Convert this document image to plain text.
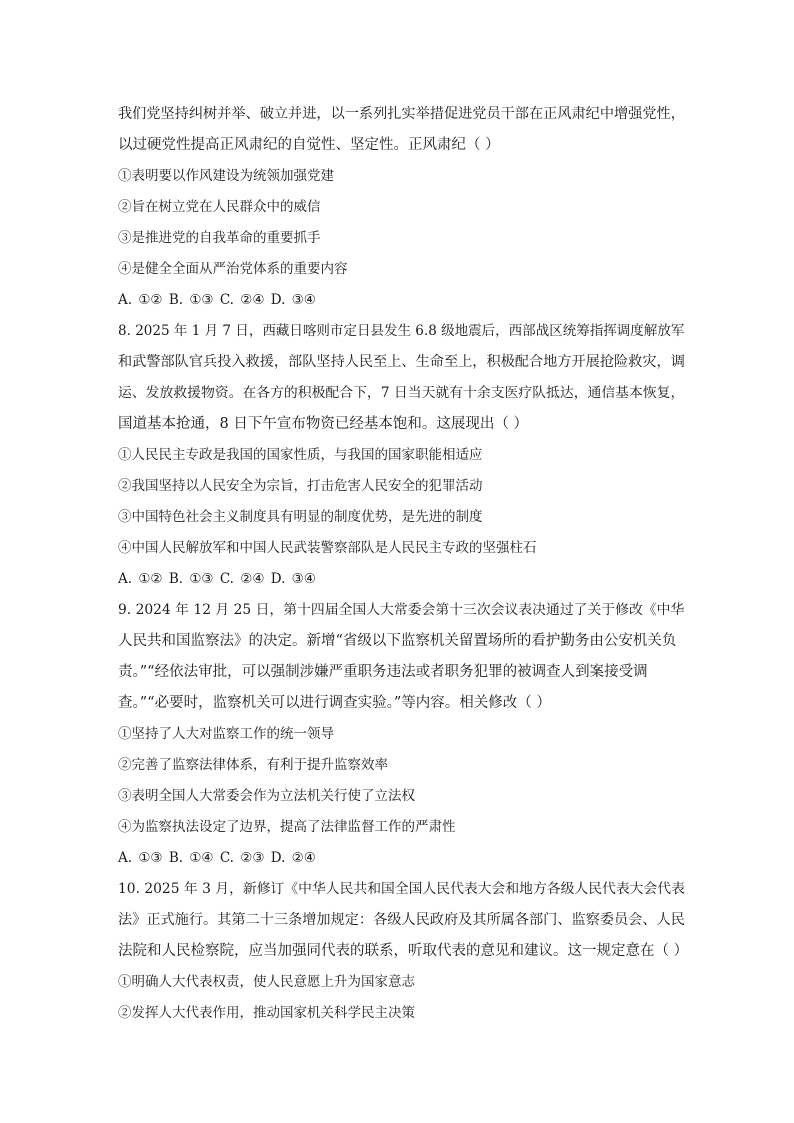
我们党坚持纠树并举、破立并进，以一系列扎实举措促进党员干部在正风肃纪中增强党性，
以过硬党性提高正风肃纪的自觉性、坚定性。正风肃纪（ ）
①表明要以作风建设为统领加强党建
②旨在树立党在人民群众中的威信
③是推进党的自我革命的重要抓手
④是健全全面从严治党体系的重要内容
A. ①② B. ①③ C. ②④ D. ③④
8. 2025 年 1 月 7 日，西藏日喀则市定日县发生 6.8 级地震后，西部战区统筹指挥调度解放军
和武警部队官兵投入救援，部队坚持人民至上、生命至上，积极配合地方开展抢险救灾，调
运、发放救援物资。在各方的积极配合下，7 日当天就有十余支医疗队抵达，通信基本恢复，
国道基本抢通，8 日下午宣布物资已经基本饱和。这展现出（ ）
①人民民主专政是我国的国家性质，与我国的国家职能相适应
②我国坚持以人民安全为宗旨，打击危害人民安全的犯罪活动
③中国特色社会主义制度具有明显的制度优势，是先进的制度
④中国人民解放军和中国人民武装警察部队是人民民主专政的坚强柱石
A. ①② B. ①③ C. ②④ D. ③④
9. 2024 年 12 月 25 日，第十四届全国人大常委会第十三次会议表决通过了关于修改《中华
人民共和国监察法》的决定。新增“省级以下监察机关留置场所的看护勤务由公安机关负
责。”“经依法审批，可以强制涉嫌严重职务违法或者职务犯罪的被调查人到案接受调
查。”“必要时，监察机关可以进行调查实验。”等内容。相关修改（ ）
①坚持了人大对监察工作的统一领导
②完善了监察法律体系，有利于提升监察效率
③表明全国人大常委会作为立法机关行使了立法权
④为监察执法设定了边界，提高了法律监督工作的严肃性
A. ①③ B. ①④ C. ②③ D. ②④
10. 2025 年 3 月，新修订《中华人民共和国全国人民代表大会和地方各级人民代表大会代表
法》正式施行。其第二十三条增加规定：各级人民政府及其所属各部门、监察委员会、人民
法院和人民检察院，应当加强同代表的联系，听取代表的意见和建议。这一规定意在（ ）
①明确人大代表权责，使人民意愿上升为国家意志
②发挥人大代表作用，推动国家机关科学民主决策
